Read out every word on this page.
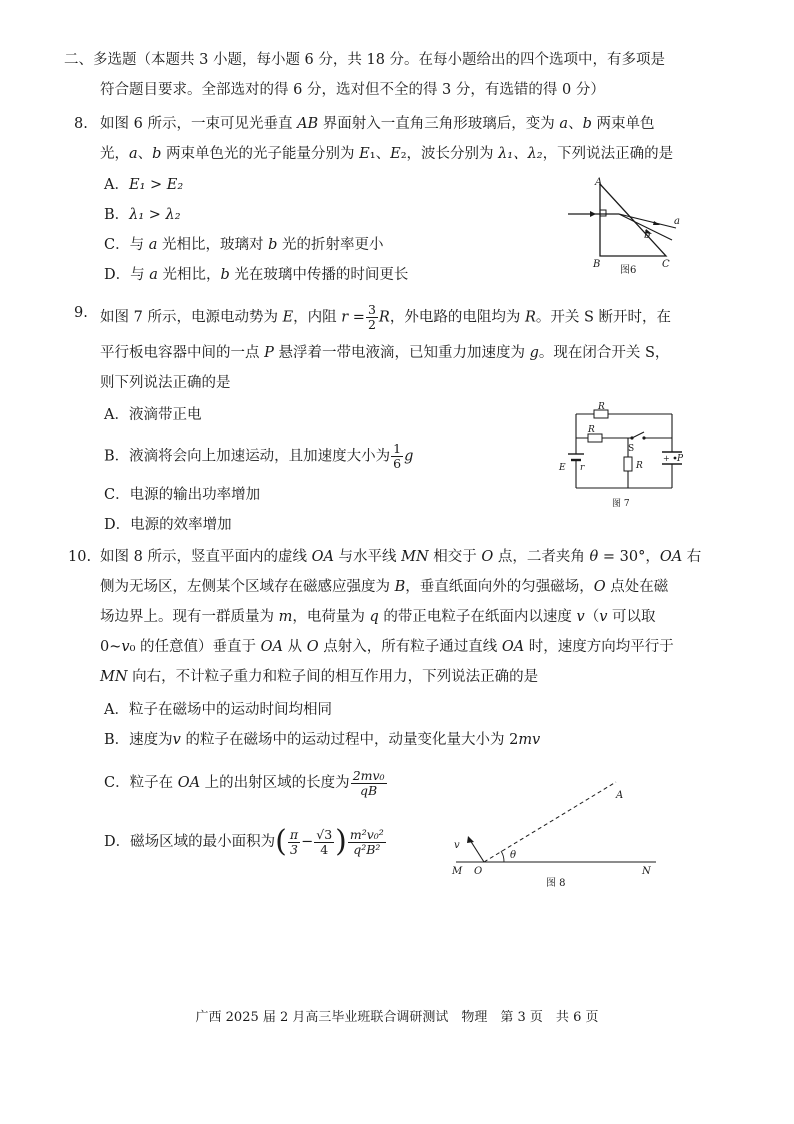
二、多选题（本题共 3 小题，每小题 6 分，共 18 分。在每小题给出的四个选项中，有多项是
符合题目要求。全部选对的得 6 分，选对但不全的得 3 分，有选错的得 0 分）
8. 如图 6 所示，一束可见光垂直 AB 界面射入一直角三角形玻璃后，变为 a、b 两束单色
光，a、b 两束单色光的光子能量分别为 E₁、E₂，波长分别为 λ₁、λ₂，下列说法正确的是
A．E₁ > E₂
B．λ₁ > λ₂
C．与 a 光相比，玻璃对 b 光的折射率更小
D．与 a 光相比，b 光在玻璃中传播的时间更长
A
B	C
a
b
图6
9. 如图 7 所示，电源电动势为 E，内阻 $r = \frac{3}{2}$ R，外电路的电阻均为 R。开关 S 断开时，在
平行板电容器中间的一点 P 悬浮着一带电液滴，已知重力加速度为 g。现在闭合开关 S，
则下列说法正确的是
A．液滴带正电
B．液滴将会向上加速运动，且加速度大小为 $\frac{1}{6}$ g
C．电源的输出功率增加
D．电源的效率增加
R
R
S
R
E r
+ P
图 7
10. 如图 8 所示，竖直平面内的虚线 OA 与水平线 MN 相交于 O 点，二者夹角 θ = 30°，OA 右
侧为无场区，左侧某个区域存在磁感应强度为 B，垂直纸面向外的匀强磁场，O 点处在磁
场边界上。现有一群质量为 m，电荷量为 q 的带正电粒子在纸面内以速度 v（v 可以取
0~v₀ 的任意值）垂直于 OA 从 O 点射入，所有粒子通过直线 OA 时，速度方向均平行于
MN 向右，不计粒子重力和粒子间的相互作用力，下列说法正确的是
A．粒子在磁场中的运动时间均相同
B．速度为v 的粒子在磁场中的运动过程中，动量变化量大小为 2mv
C．粒子在 OA 上的出射区域的长度为 $\frac{\text{2mv₀}}{qB}$
D．磁场区域的最小面积为( $\frac{\pi}{3} - \frac{√3}{4}$ ) $\frac{\text{m²v₀²}}{\text{q²B²}}$
A
v
θ
M O	N
图 8
广西 2025 届 2 月高三毕业班联合调研测试　物理　第 3 页　共 6 页
